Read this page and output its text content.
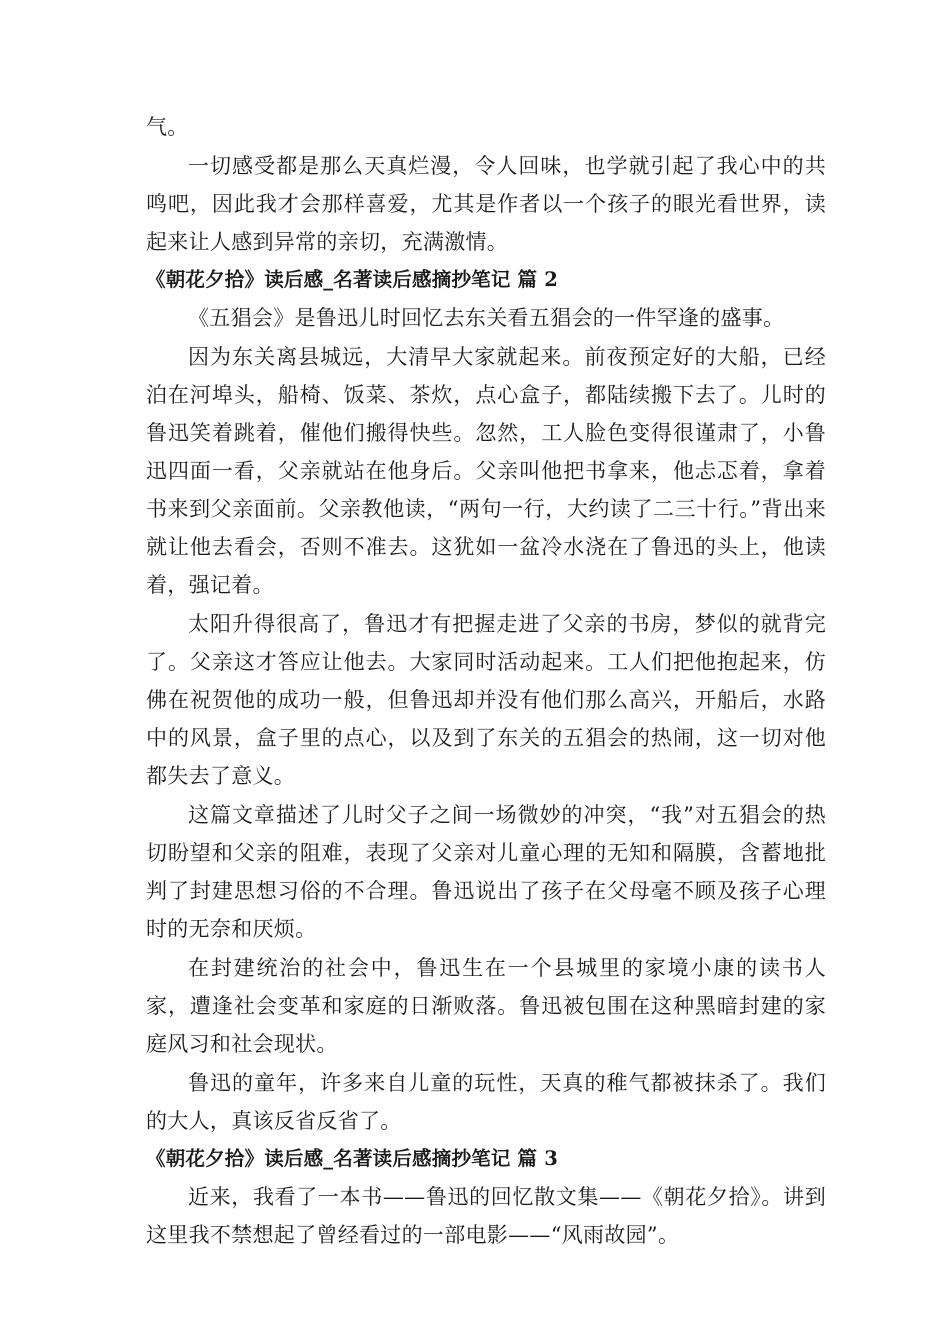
气。

一切感受都是那么天真烂漫，令人回味，也学就引起了我心中的共鸣吧，因此我才会那样喜爱，尤其是作者以一个孩子的眼光看世界，读起来让人感到异常的亲切，充满激情。

《朝花夕拾》读后感_名著读后感摘抄笔记 篇 2

《五猖会》是鲁迅儿时回忆去东关看五猖会的一件罕逢的盛事。

因为东关离县城远，大清早大家就起来。前夜预定好的大船，已经泊在河埠头，船椅、饭菜、茶炊，点心盒子，都陆续搬下去了。儿时的鲁迅笑着跳着，催他们搬得快些。忽然，工人脸色变得很谨肃了，小鲁迅四面一看，父亲就站在他身后。父亲叫他把书拿来，他忐忑着，拿着书来到父亲面前。父亲教他读，“两句一行，大约读了二三十行。”背出来就让他去看会，否则不准去。这犹如一盆冷水浇在了鲁迅的头上，他读着，强记着。

太阳升得很高了，鲁迅才有把握走进了父亲的书房，梦似的就背完了。父亲这才答应让他去。大家同时活动起来。工人们把他抱起来，仿佛在祝贺他的成功一般，但鲁迅却并没有他们那么高兴，开船后，水路中的风景，盒子里的点心，以及到了东关的五猖会的热闹，这一切对他都失去了意义。

这篇文章描述了儿时父子之间一场微妙的冲突，“我”对五猖会的热切盼望和父亲的阻难，表现了父亲对儿童心理的无知和隔膜，含蓄地批判了封建思想习俗的不合理。鲁迅说出了孩子在父母毫不顾及孩子心理时的无奈和厌烦。

在封建统治的社会中，鲁迅生在一个县城里的家境小康的读书人家，遭逢社会变革和家庭的日渐败落。鲁迅被包围在这种黑暗封建的家庭风习和社会现状。

鲁迅的童年，许多来自儿童的玩性，天真的稚气都被抹杀了。我们的大人，真该反省反省了。

《朝花夕拾》读后感_名著读后感摘抄笔记 篇 3

近来，我看了一本书——鲁迅的回忆散文集——《朝花夕拾》。讲到这里我不禁想起了曾经看过的一部电影——“风雨故园”。
